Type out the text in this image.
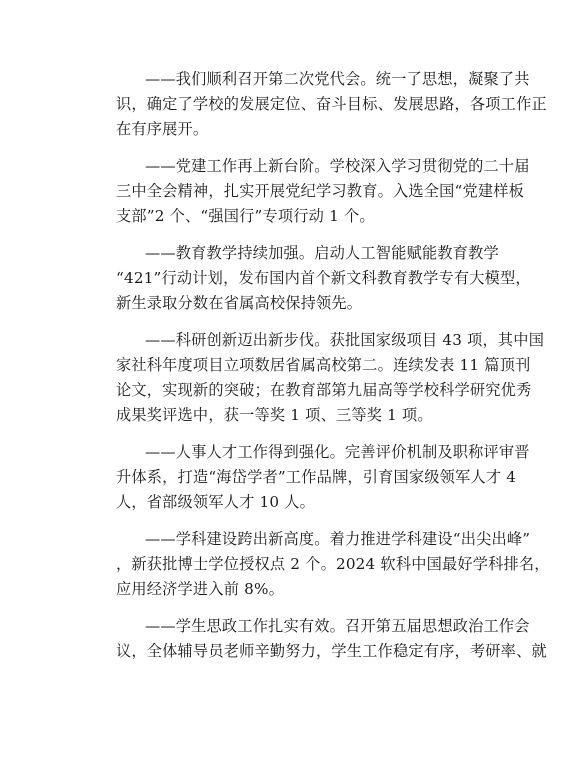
——我们顺利召开第二次党代会。统一了思想，凝聚了共
识，确定了学校的发展定位、奋斗目标、发展思路，各项工作正
在有序展开。

——党建工作再上新台阶。学校深入学习贯彻党的二十届
三中全会精神，扎实开展党纪学习教育。入选全国“党建样板
支部”2 个、“强国行”专项行动 1 个。

——教育教学持续加强。启动人工智能赋能教育教学
“421”行动计划，发布国内首个新文科教育教学专有大模型，
新生录取分数在省属高校保持领先。

——科研创新迈出新步伐。获批国家级项目 43 项，其中国
家社科年度项目立项数居省属高校第二。连续发表 11 篇顶刊
论文，实现新的突破；在教育部第九届高等学校科学研究优秀
成果奖评选中，获一等奖 1 项、三等奖 1 项。

——人事人才工作得到强化。完善评价机制及职称评审晋
升体系，打造“海岱学者”工作品牌，引育国家级领军人才 4
人，省部级领军人才 10 人。

——学科建设跨出新高度。着力推进学科建设“出尖出峰”
，新获批博士学位授权点 2 个。2024 软科中国最好学科排名，
应用经济学进入前 8%。

——学生思政工作扎实有效。召开第五届思想政治工作会
议，全体辅导员老师辛勤努力，学生工作稳定有序，考研率、就
